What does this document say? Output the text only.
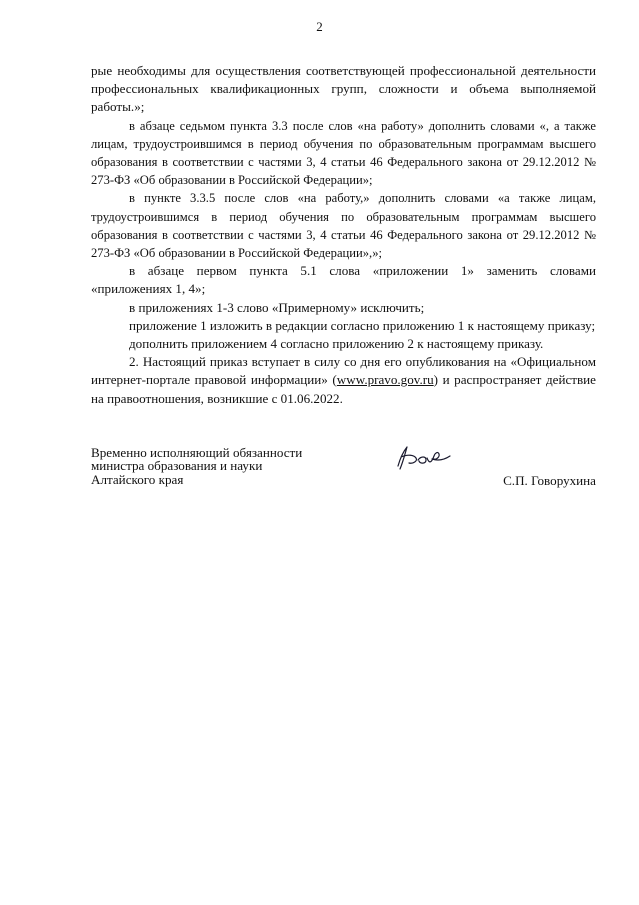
2

рые необходимы для осуществления соответствующей профессиональной деятельности профессиональных квалификационных групп, сложности и объема выполняемой работы.»;

в абзаце седьмом пункта 3.3 после слов «на работу» дополнить словами «, а также лицам, трудоустроившимся в период обучения по образовательным программам высшего образования в соответствии с частями 3, 4 статьи 46 Федерального закона от 29.12.2012 № 273-ФЗ «Об образовании в Российской Федерации»;

в пункте 3.3.5 после слов «на работу,» дополнить словами «а также лицам, трудоустроившимся в период обучения по образовательным программам высшего образования в соответствии с частями 3, 4 статьи 46 Федерального закона от 29.12.2012 № 273-ФЗ «Об образовании в Российской Федерации»,»;

в абзаце первом пункта 5.1 слова «приложении 1» заменить словами «приложениях 1, 4»;

в приложениях 1-3 слово «Примерному» исключить;

приложение 1 изложить в редакции согласно приложению 1 к настоящему приказу;

дополнить приложением 4 согласно приложению 2 к настоящему приказу.

2. Настоящий приказ вступает в силу со дня его опубликования на «Официальном интернет-портале правовой информации» (www.pravo.gov.ru) и распространяет действие на правоотношения, возникшие с 01.06.2022.

Временно исполняющий обязанности
министра образования и науки
Алтайского края	С.П. Говорухина
